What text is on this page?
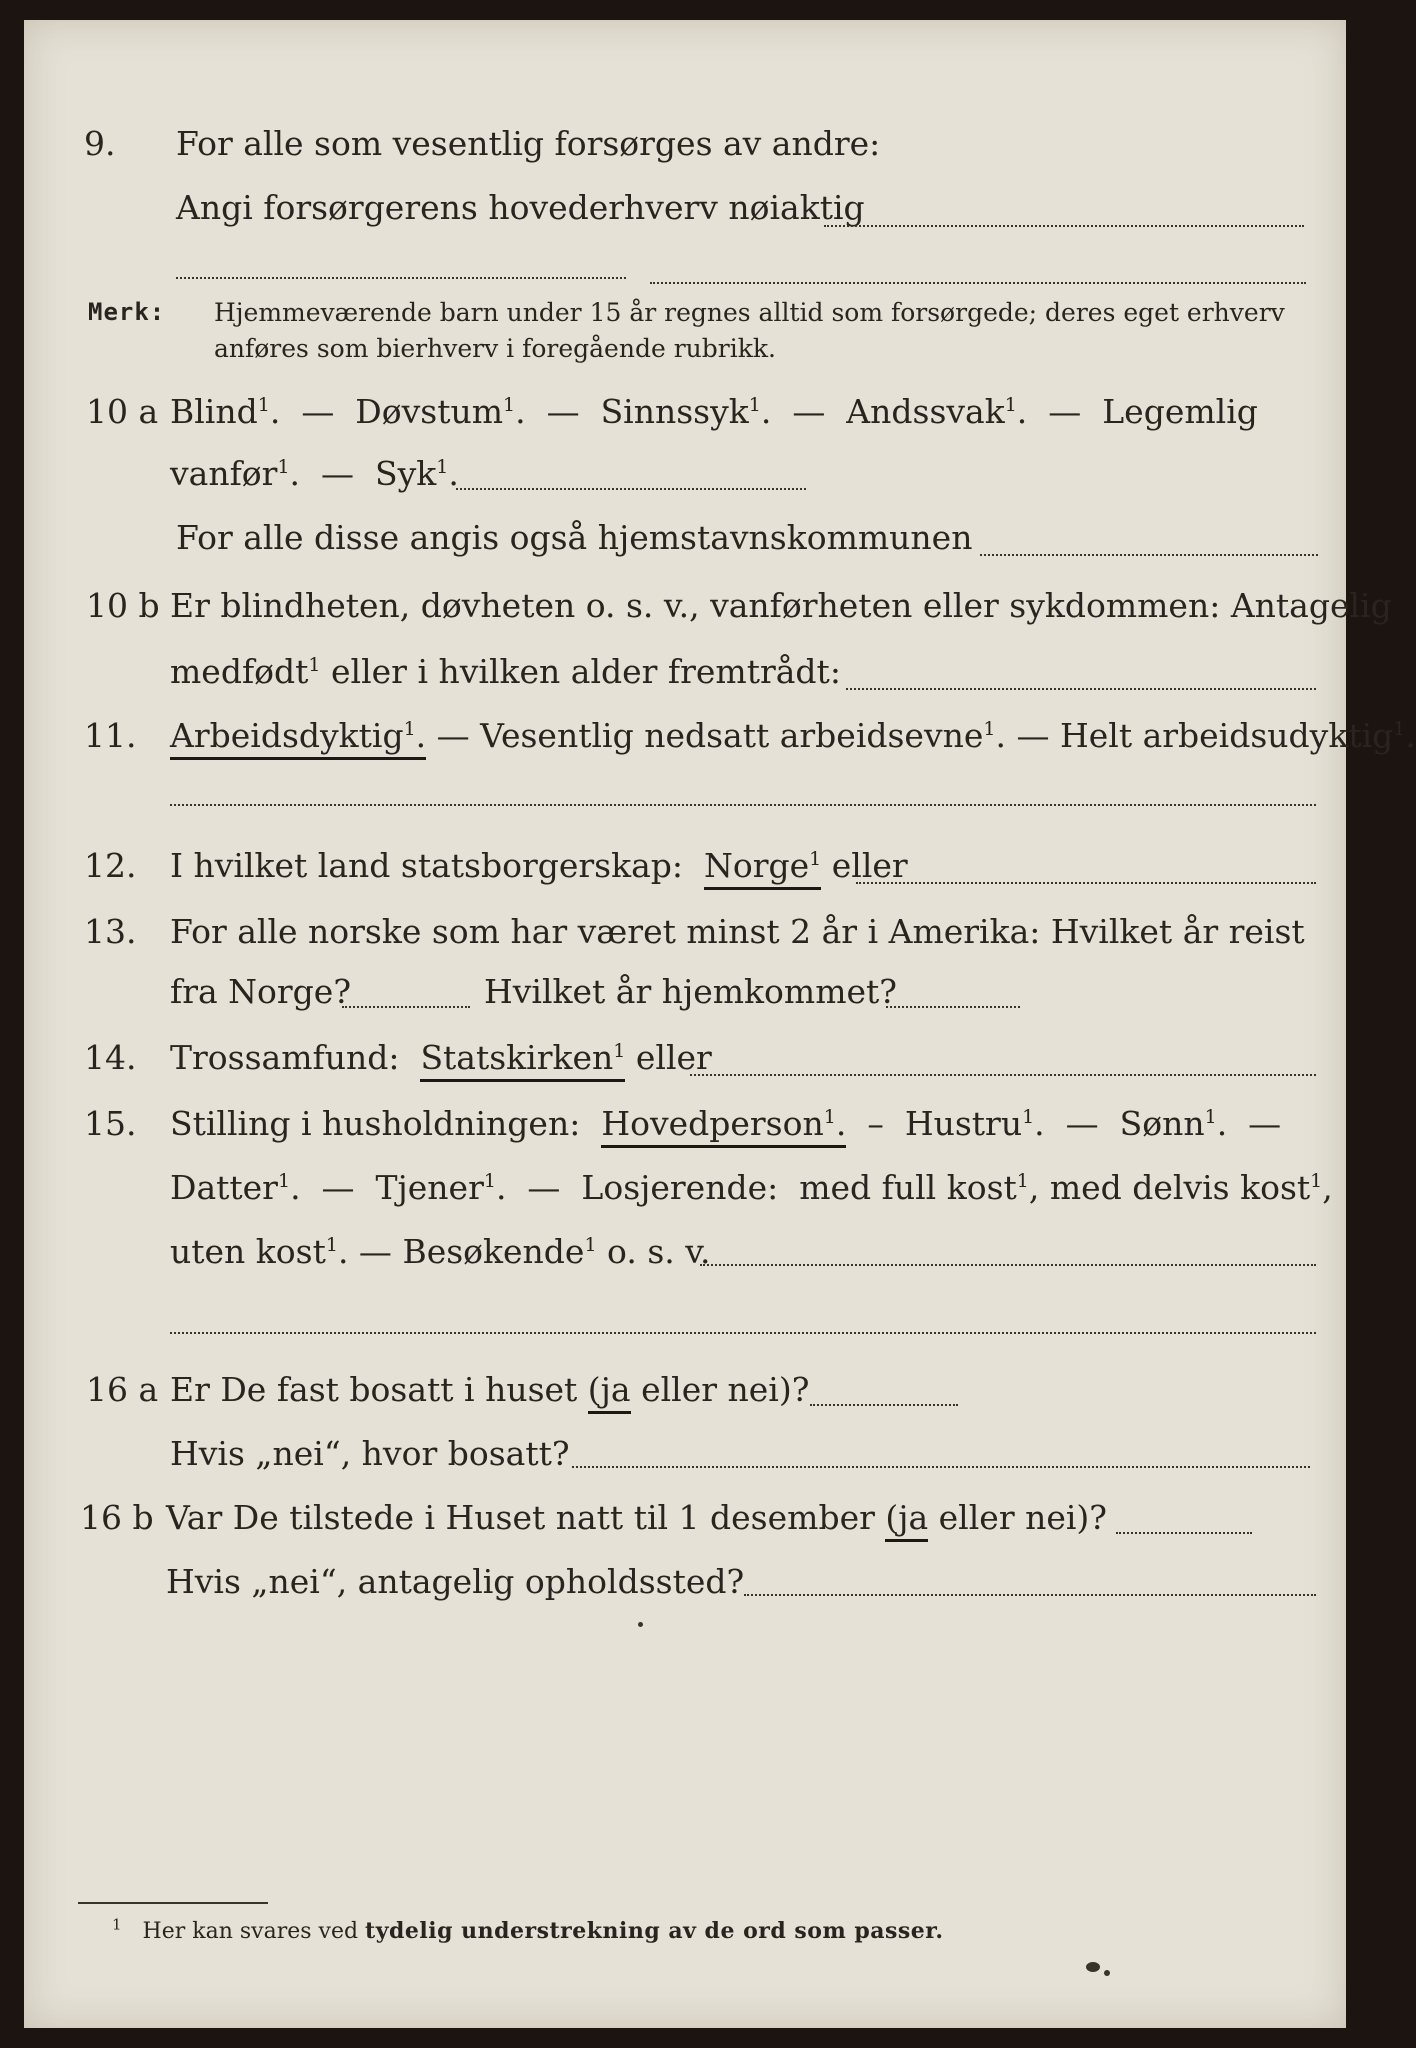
9. For alle som vesentlig forsørges av andre:
Angi forsørgerens hovederhverv nøiaktig
Merk: Hjemmeværende barn under 15 år regnes alltid som forsørgede; deres eget erhverv
anføres som bierhverv i foregående rubrikk.
10 a Blind$^1$.  —  Døvstum$^1$.  —  Sinnssyk$^1$.  —  Andssvak$^1$.  —  Legemlig
vanfør$^1$.  —  Syk$^1$.
For alle disse angis også hjemstavnskommunen
10 b Er blindheten, døvheten o. s. v., vanførheten eller sykdommen: Antagelig
medfødt$^1$ eller i hvilken alder fremtrådt:
11. Arbeidsdyktig$^1$. — Vesentlig nedsatt arbeidsevne$^1$. — Helt arbeidsudyktig$^1$.
12. I hvilket land statsborgerskap: Norge$^1$ eller
13. For alle norske som har været minst 2 år i Amerika: Hvilket år reist
fra Norge?	Hvilket år hjemkommet?
14. Trossamfund: Statskirken$^1$ eller
15. Stilling i husholdningen: Hovedperson$^1$.  –  Hustru$^1$.  —  Sønn$^1$.  —
Datter$^1$.  —  Tjener$^1$.  —  Losjerende: med full kost$^1$, med delvis kost$^1$,
uten kost$^1$. — Besøkende$^1$ o. s. v.
16 a Er De fast bosatt i huset (ja eller nei)?
Hvis „nei“, hvor bosatt?
16 b Var De tilstede i Huset natt til 1 desember (ja eller nei)?
Hvis „nei“, antagelig opholdssted?
$^1$ Her kan svares ved tydelig understrekning av de ord som passer.
